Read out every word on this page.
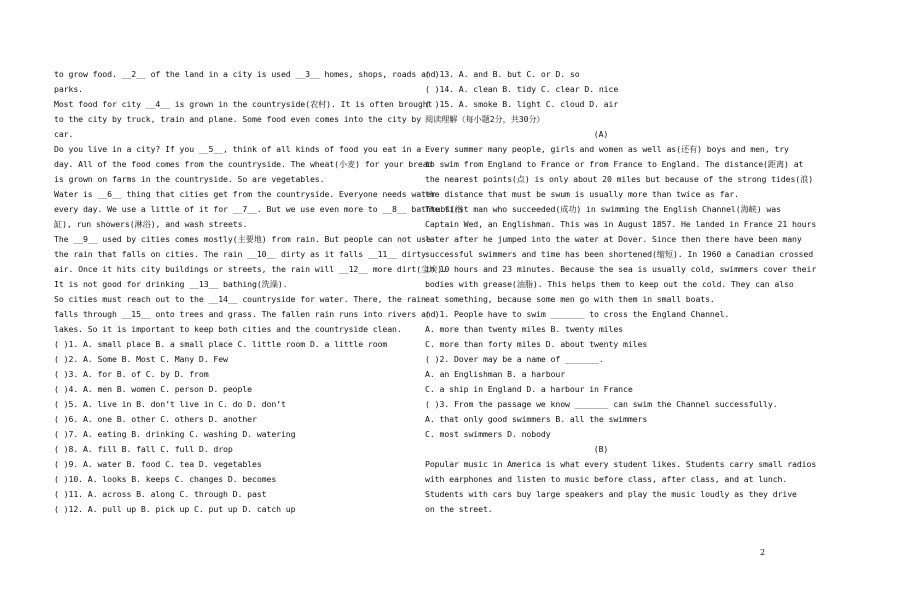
to grow food. __2__ of the land in a city is used __3__ homes, shops, roads and
parks.
Most food for city __4__ is grown in the countryside(农村). It is often brought
to the city by truck, train and plane. Some food even comes into the city by
car.
Do you live in a city? If you __5__, think of all kinds of food you eat in a
day. All of the food comes from the countryside. The wheat(小麦) for your bread
is grown on farms in the countryside. So are vegetables.
Water is __6__ thing that cities get from the countryside. Everyone needs water
every day. We use a little of it for __7__. But we use even more to __8__ bathtubs(浴
缸), run showers(淋浴), and wash streets.
The __9__ used by cities comes mostly(主要地) from rain. But people can not use
the rain that falls on cities. The rain __10__ dirty as it falls __11__ dirty
air. Once it hits city buildings or streets, the rain will __12__ more dirt(尘埃).
It is not good for drinking __13__ bathing(洗澡).
So cities must reach out to the __14__ countryside for water. There, the rain
falls through __15__ onto trees and grass. The fallen rain runs into rivers and
lakes. So it is important to keep both cities and the countryside clean.
( )1. A. small place B. a small place C. little room D. a little room
( )2. A. Some B. Most C. Many D. Few
( )3. A. for B. of C. by D. from
( )4. A. men B. women C. person D. people
( )5. A. live in B. don’t live in C. do D. don’t
( )6. A. one B. other C. others D. another
( )7. A. eating B. drinking C. washing D. watering
( )8. A. fill B. fall C. full D. drop
( )9. A. water B. food C. tea D. vegetables
( )10. A. looks B. keeps C. changes D. becomes
( )11. A. across B. along C. through D. past
( )12. A. pull up B. pick up C. put up D. catch up
( )13. A. and B. but C. or D. so
( )14. A. clean B. tidy C. clear D. nice
( )15. A. smoke B. light C. cloud D. air
阅读理解（每小题2分，共30分）
(A)
Every summer many people, girls and women as well as(还有) boys and men, try
to swim from England to France or from France to England. The distance(距离) at
the nearest points(点) is only about 20 miles but because of the strong tides(浪)
the distance that must be swum is usually more than twice as far.
The first man who succeeded(成功) in swimming the English Channel(海峡) was
Captain Wed, an Englishman. This was in August 1857. He landed in France 21 hours
later after he jumped into the water at Dover. Since then there have been many
successful swimmers and time has been shortened(缩短). In 1960 a Canadian crossed
in 10 hours and 23 minutes. Because the sea is usually cold, swimmers cover their
bodies with grease(油脂). This helps them to keep out the cold. They can also
eat something, because some men go with them in small boats.
( )1. People have to swim _______ to cross the England Channel.
A. more than twenty miles B. twenty miles
C. more than forty miles D. about twenty miles
( )2. Dover may be a name of _______.
A. an Englishman B. a harbour
C. a ship in England D. a harbour in France
( )3. From the passage we know _______ can swim the Channel successfully.
A. that only good swimmers B. all the swimmers
C. most swimmers D. nobody
(B)
Popular music in America is what every student likes. Students carry small radios
with earphones and listen to music before class, after class, and at lunch.
Students with cars buy large speakers and play the music loudly as they drive
on the street.
2
